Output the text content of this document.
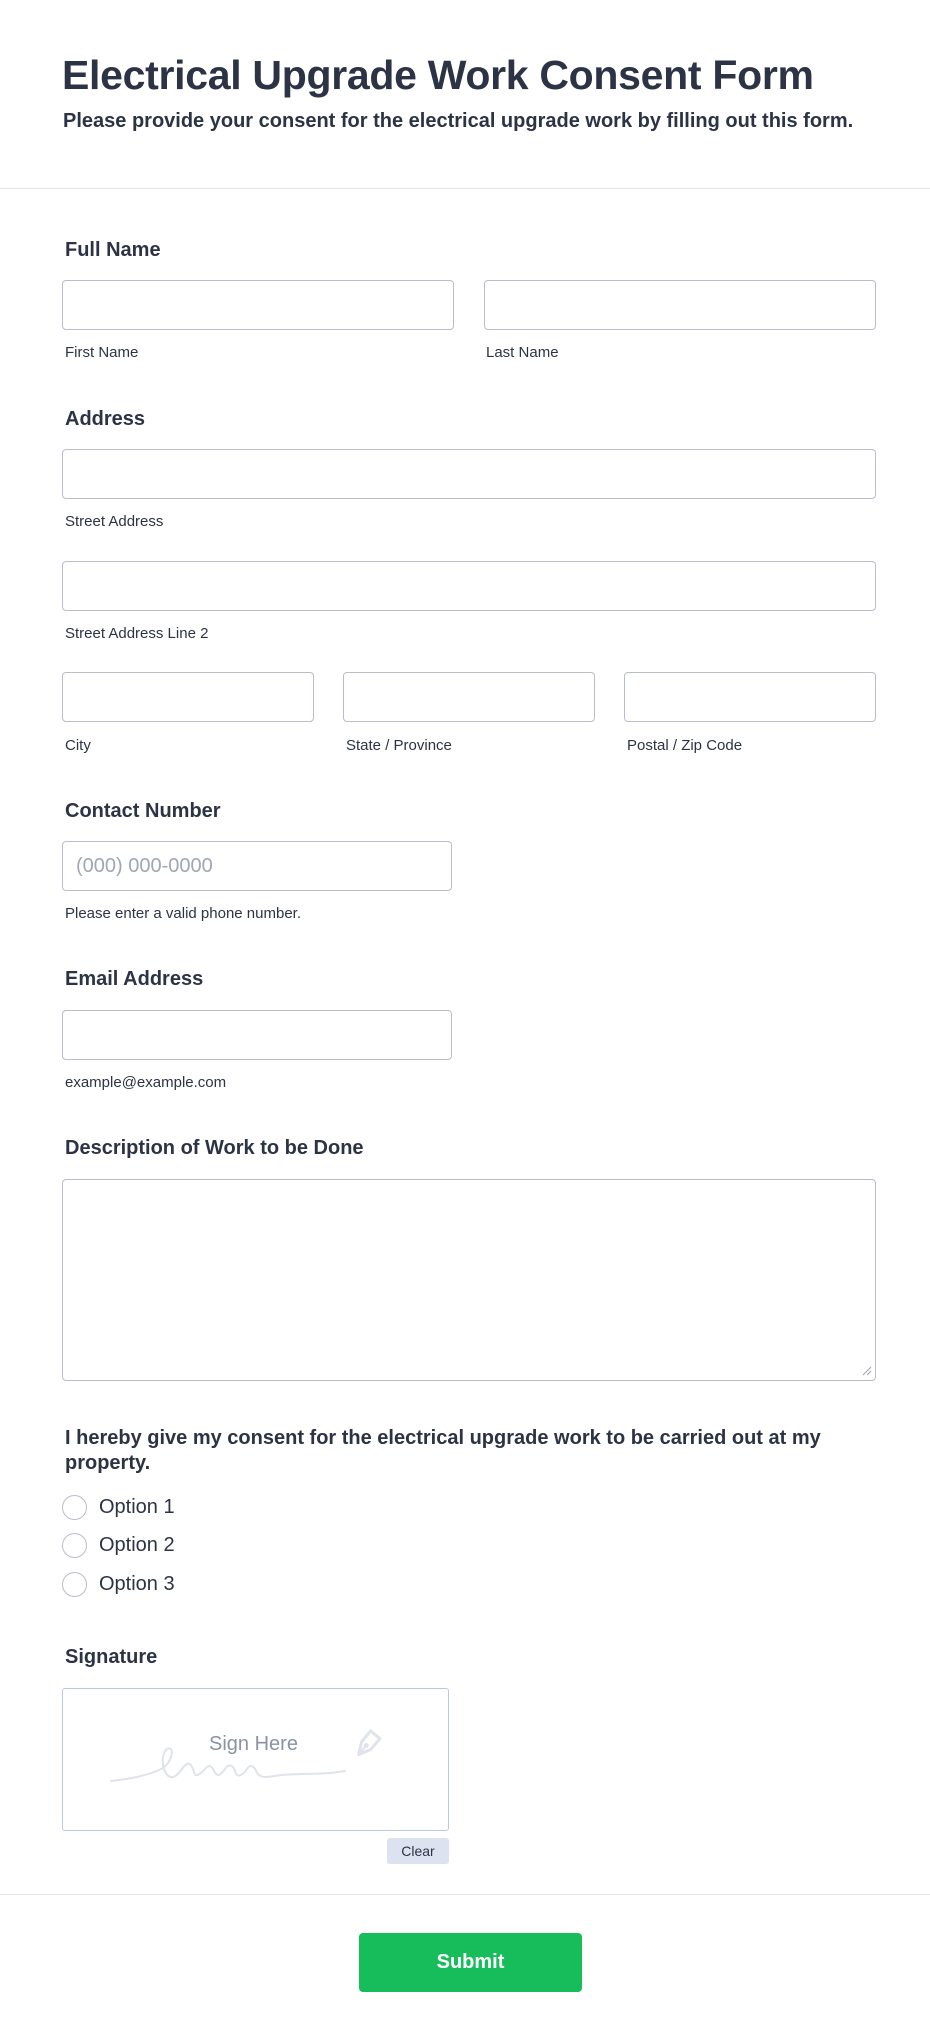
Electrical Upgrade Work Consent Form

Please provide your consent for the electrical upgrade work by filling out this form.

Full Name
First Name	Last Name
Address
Street Address
Street Address Line 2
City	State / Province	Postal / Zip Code
Contact Number
(000) 000-0000
Please enter a valid phone number.
Email Address
example@example.com
Description of Work to be Done
I hereby give my consent for the electrical upgrade work to be carried out at my property.
Option 1
Option 2
Option 3
Signature
Sign Here
Clear
Submit
